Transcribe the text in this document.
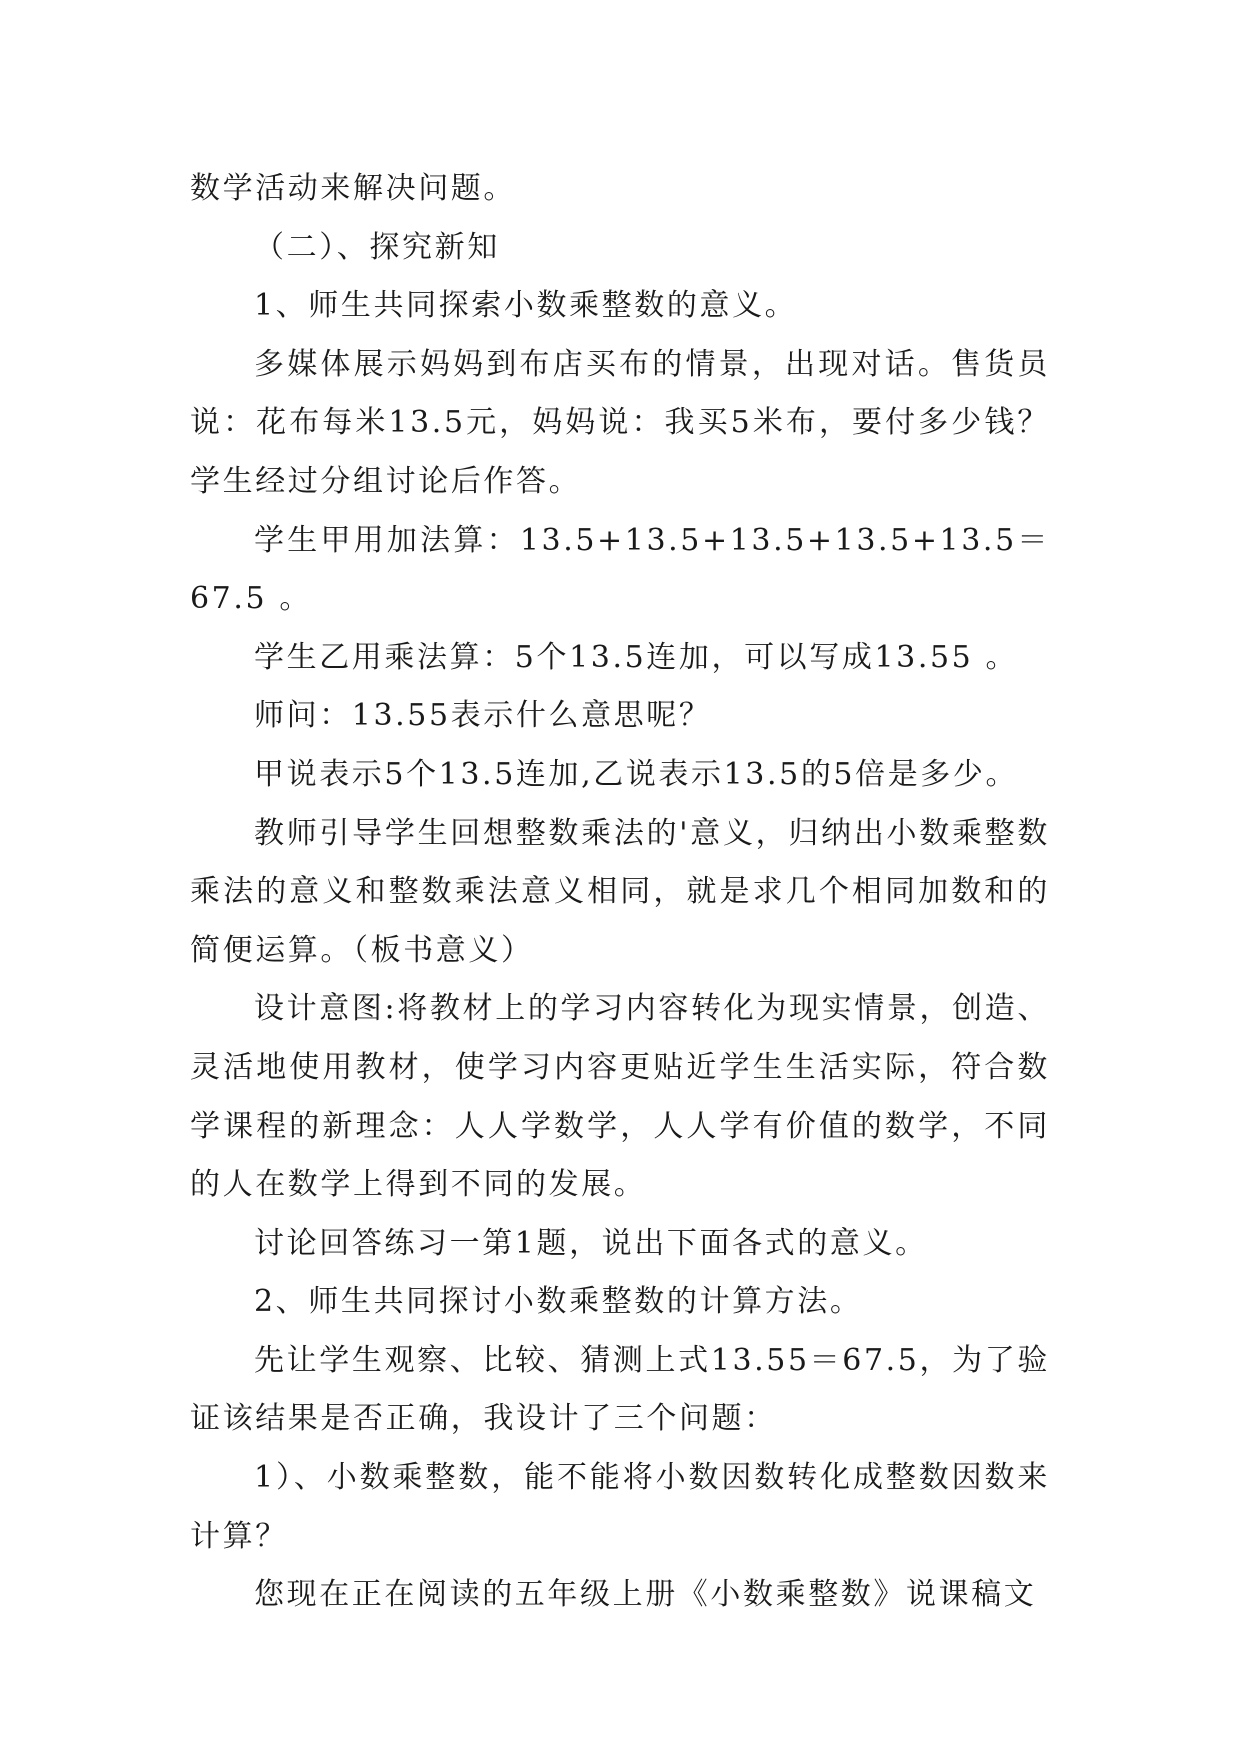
数学活动来解决问题。

（二）、探究新知

1、师生共同探索小数乘整数的意义。

多媒体展示妈妈到布店买布的情景，出现对话。售货员说：花布每米13.5元，妈妈说：我买5米布，要付多少钱？学生经过分组讨论后作答。

学生甲用加法算：13.5+13.5+13.5+13.5+13.5＝67.5 。

学生乙用乘法算：5个13.5连加，可以写成13.55 。

师问：13.55表示什么意思呢？

甲说表示5个13.5连加,乙说表示13.5的5倍是多少。

教师引导学生回想整数乘法的'意义，归纳出小数乘整数乘法的意义和整数乘法意义相同，就是求几个相同加数和的简便运算。（板书意义）

设计意图:将教材上的学习内容转化为现实情景，创造、灵活地使用教材，使学习内容更贴近学生生活实际，符合数学课程的新理念：人人学数学，人人学有价值的数学，不同的人在数学上得到不同的发展。

讨论回答练习一第1题，说出下面各式的意义。

2、师生共同探讨小数乘整数的计算方法。

先让学生观察、比较、猜测上式13.55＝67.5，为了验证该结果是否正确，我设计了三个问题：

1）、小数乘整数，能不能将小数因数转化成整数因数来计算？

您现在正在阅读的五年级上册《小数乘整数》说课稿文
